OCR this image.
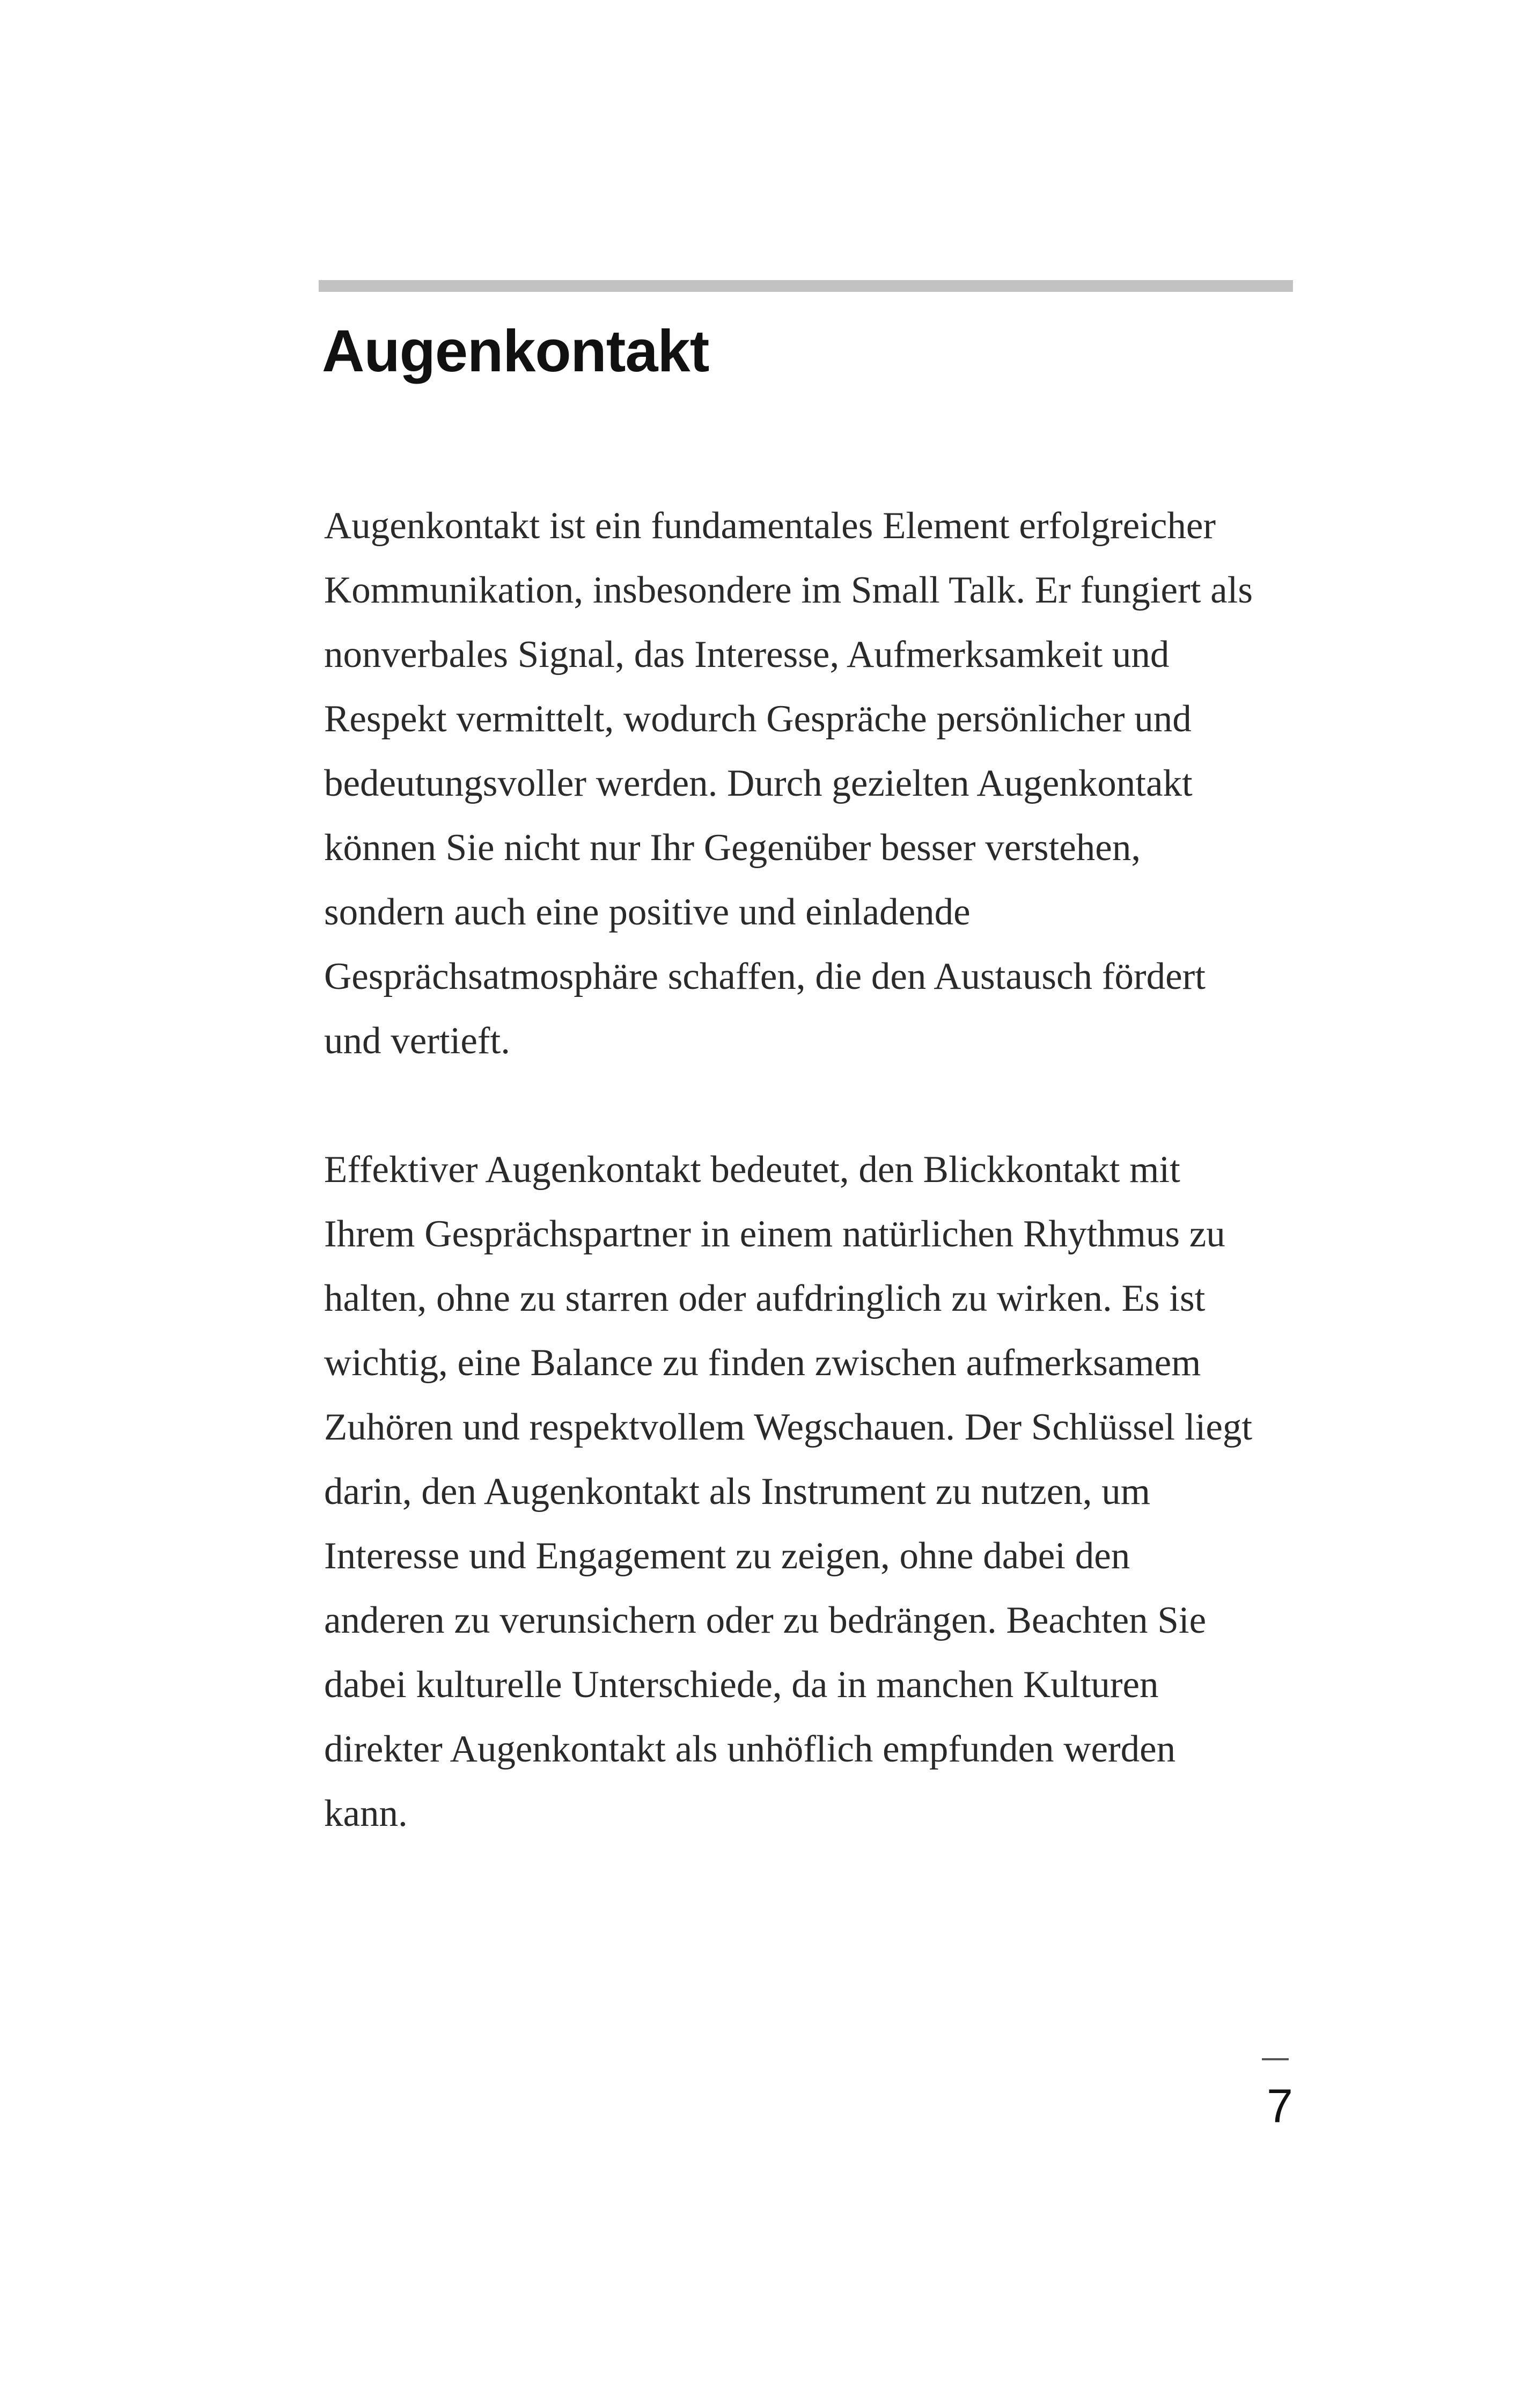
Augenkontakt

Augenkontakt ist ein fundamentales Element erfolgreicher
Kommunikation, insbesondere im Small Talk. Er fungiert als
nonverbales Signal, das Interesse, Aufmerksamkeit und
Respekt vermittelt, wodurch Gespräche persönlicher und
bedeutungsvoller werden. Durch gezielten Augenkontakt
können Sie nicht nur Ihr Gegenüber besser verstehen,
sondern auch eine positive und einladende
Gesprächsatmosphäre schaffen, die den Austausch fördert
und vertieft.

Effektiver Augenkontakt bedeutet, den Blickkontakt mit
Ihrem Gesprächspartner in einem natürlichen Rhythmus zu
halten, ohne zu starren oder aufdringlich zu wirken. Es ist
wichtig, eine Balance zu finden zwischen aufmerksamem
Zuhören und respektvollem Wegschauen. Der Schlüssel liegt
darin, den Augenkontakt als Instrument zu nutzen, um
Interesse und Engagement zu zeigen, ohne dabei den
anderen zu verunsichern oder zu bedrängen. Beachten Sie
dabei kulturelle Unterschiede, da in manchen Kulturen
direkter Augenkontakt als unhöflich empfunden werden
kann.

7
